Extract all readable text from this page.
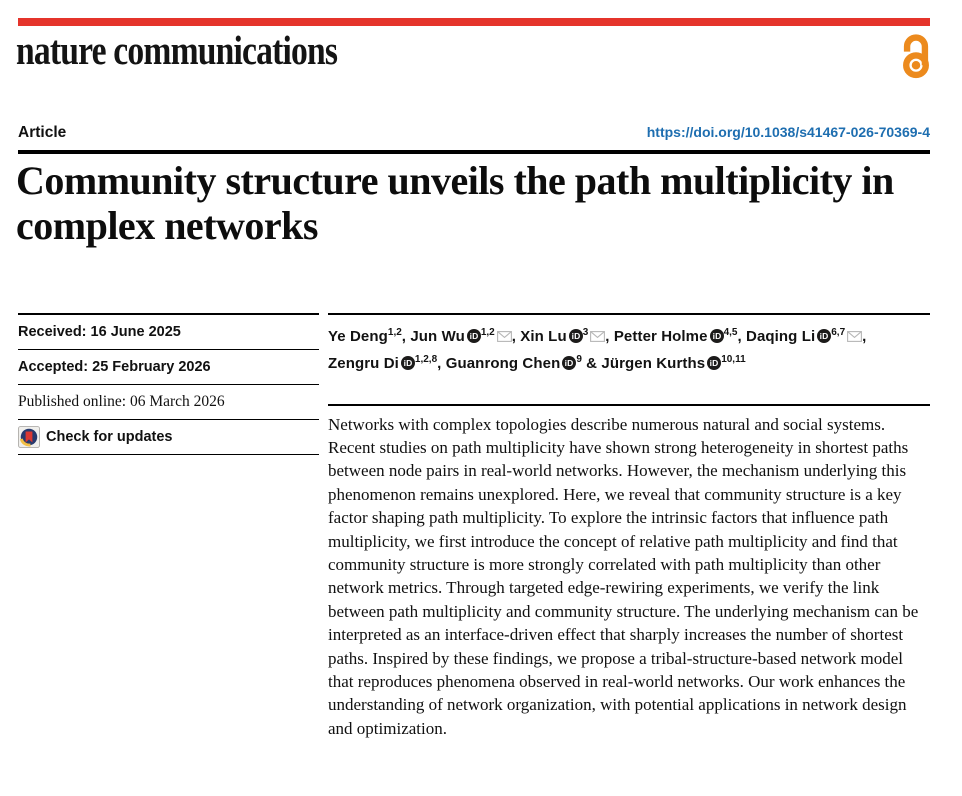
nature communications
Article	https://doi.org/10.1038/s41467-026-70369-4
Community structure unveils the path multiplicity in complex networks
Received: 16 June 2025
Accepted: 25 February 2026
Published online: 06 March 2026
Check for updates

Ye Deng$^{1,2}$, Jun Wu iD $^{1,2}$ , Xin Lu iD $^3$ , Petter Holme iD $^{4,5}$, Daqing Li iD $^{6,7}$ ,
Zengru Di iD $^{1,2,8}$, Guanrong Chen iD $^9$ & Jürgen Kurths iD $^{10,11}$

Networks with complex topologies describe numerous natural and social systems. Recent studies on path multiplicity have shown strong heterogeneity in shortest paths between node pairs in real-world networks. However, the mechanism underlying this phenomenon remains unexplored. Here, we reveal that community structure is a key factor shaping path multiplicity. To explore the intrinsic factors that influence path multiplicity, we first introduce the concept of relative path multiplicity and find that community structure is more strongly correlated with path multiplicity than other network metrics. Through targeted edge-rewiring experiments, we verify the link between path multiplicity and community structure. The underlying mechanism can be interpreted as an interface-driven effect that sharply increases the number of shortest paths. Inspired by these findings, we propose a tribal-structure-based network model that reproduces phenomena observed in real-world networks. Our work enhances the understanding of network organization, with potential applications in network design and optimization.
